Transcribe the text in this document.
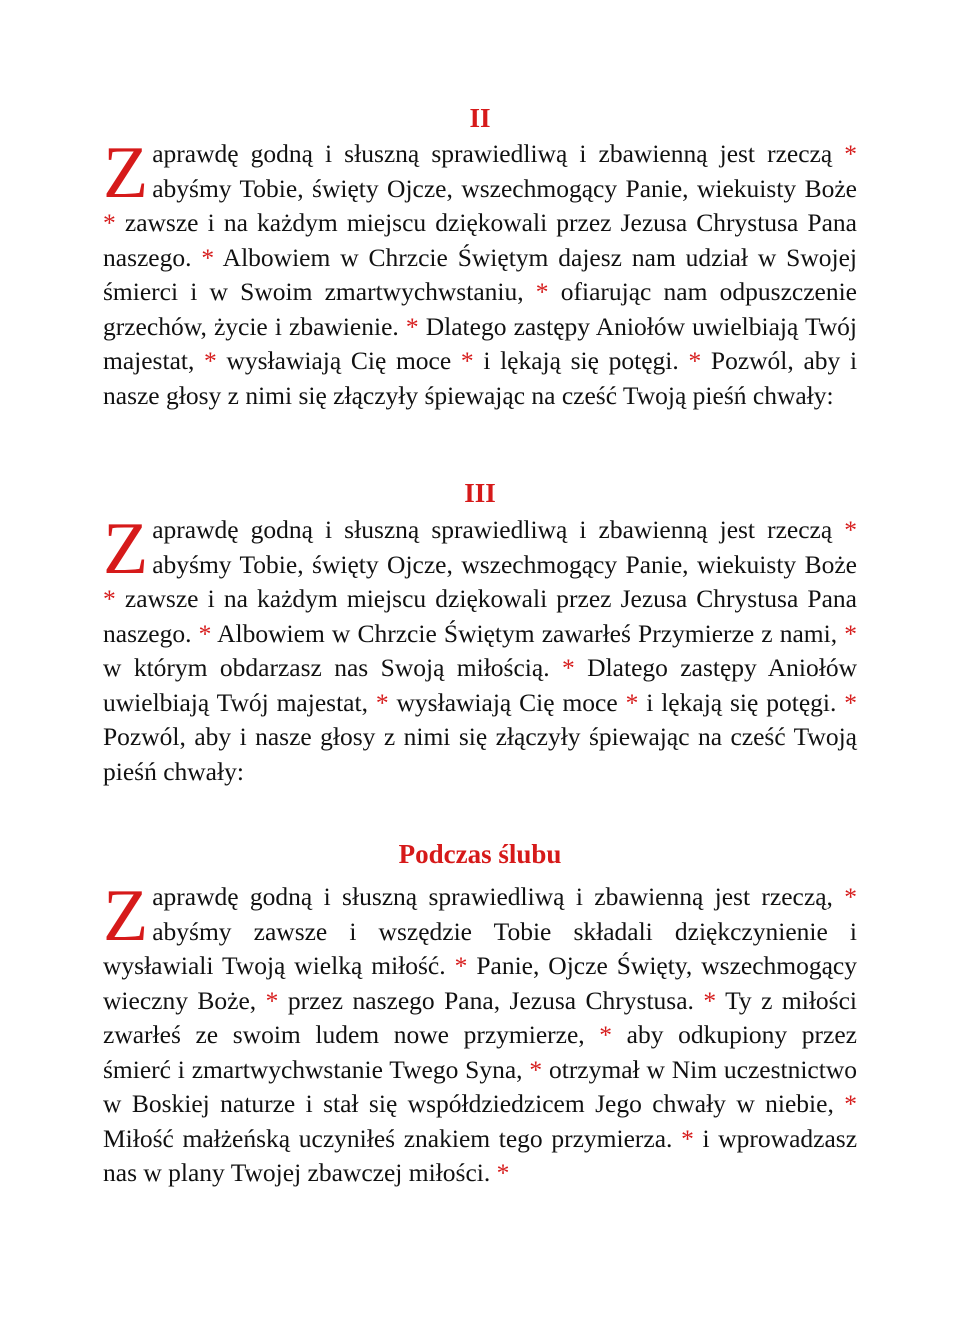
II

Zaprawdę godną i słuszną sprawiedliwą i zbawienną jest rzeczą * abyśmy Tobie, święty Ojcze, wszechmogący Panie, wiekuisty Boże * zawsze i na każdym miejscu dziękowali przez Jezusa Chrystusa Pana naszego. * Albowiem w Chrzcie Świętym dajesz nam udział w Swojej śmierci i w Swoim zmartwychwstaniu, * ofiarując nam odpuszczenie grzechów, życie i zbawienie. * Dlatego zastępy Aniołów uwielbiają Twój majestat, * wysławiają Cię moce * i lękają się potęgi. * Pozwól, aby i nasze głosy z nimi się złączyły śpiewając na cześć Twoją pieśń chwały:

III

Zaprawdę godną i słuszną sprawiedliwą i zbawienną jest rzeczą * abyśmy Tobie, święty Ojcze, wszechmogący Panie, wiekuisty Boże * zawsze i na każdym miejscu dziękowali przez Jezusa Chrystusa Pana naszego. * Albowiem w Chrzcie Świętym zawarłeś Przymierze z nami, * w którym obdarzasz nas Swoją miłością. * Dlatego zastępy Aniołów uwielbiają Twój majestat, * wysławiają Cię moce * i lękają się potęgi. * Pozwól, aby i nasze głosy z nimi się złączyły śpiewając na cześć Twoją pieśń chwały:

Podczas ślubu

Zaprawdę godną i słuszną sprawiedliwą i zbawienną jest rzeczą, * abyśmy zawsze i wszędzie Tobie składali dziękczynienie i wysławiali Twoją wielką miłość. * Panie, Ojcze Święty, wszechmogący wieczny Boże, * przez naszego Pana, Jezusa Chrystusa. * Ty z miłości zwarłeś ze swoim ludem nowe przymierze, * aby odkupiony przez śmierć i zmartwychwstanie Twego Syna, * otrzymał w Nim uczestnictwo w Boskiej naturze i stał się współdziedzicem Jego chwały w niebie, * Miłość małżeńską uczyniłeś znakiem tego przymierza. * i wprowadzasz nas w plany Twojej zbawczej miłości. *
